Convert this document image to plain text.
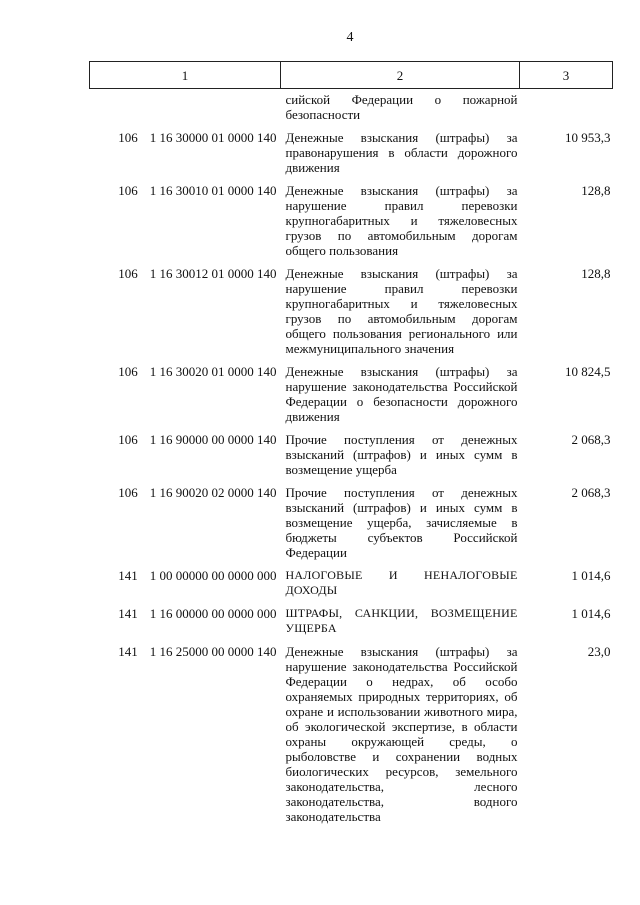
4
1	2	3
	сийской Федерации о пожарной безопасности	

106 1 16 30000 01 0000 140	Денежные взыскания (штрафы) за правонарушения в области дорожного движения	10 953,3

106 1 16 30010 01 0000 140	Денежные взыскания (штрафы) за нарушение правил перевозки крупногабаритных и тяжеловесных грузов по автомобильным дорогам общего пользования	128,8

106 1 16 30012 01 0000 140	Денежные взыскания (штрафы) за нарушение правил перевозки крупногабаритных и тяжеловесных грузов по автомобильным дорогам общего пользования регионального или межмуниципального значения	128,8

106 1 16 30020 01 0000 140	Денежные взыскания (штрафы) за нарушение законодательства Российской Федерации о безопасности дорожного движения	10 824,5

106 1 16 90000 00 0000 140	Прочие поступления от денежных взысканий (штрафов) и иных сумм в возмещение ущерба	2 068,3

106 1 16 90020 02 0000 140	Прочие поступления от денежных взысканий (штрафов) и иных сумм в возмещение ущерба, зачисляемые в бюджеты субъектов Российской Федерации	2 068,3

141 1 00 00000 00 0000 000	НАЛОГОВЫЕ И НЕНАЛОГОВЫЕ ДОХОДЫ	1 014,6

141 1 16 00000 00 0000 000	ШТРАФЫ, САНКЦИИ, ВОЗМЕЩЕНИЕ УЩЕРБА	1 014,6

141 1 16 25000 00 0000 140	Денежные взыскания (штрафы) за нарушение законодательства Российской Федерации о недрах, об особо охраняемых природных территориях, об охране и использовании животного мира, об экологической экспертизе, в области охраны окружающей среды, о рыболовстве и сохранении водных биологических ресурсов, земельного законодательства, лесного законодательства, водного законодательства	23,0
